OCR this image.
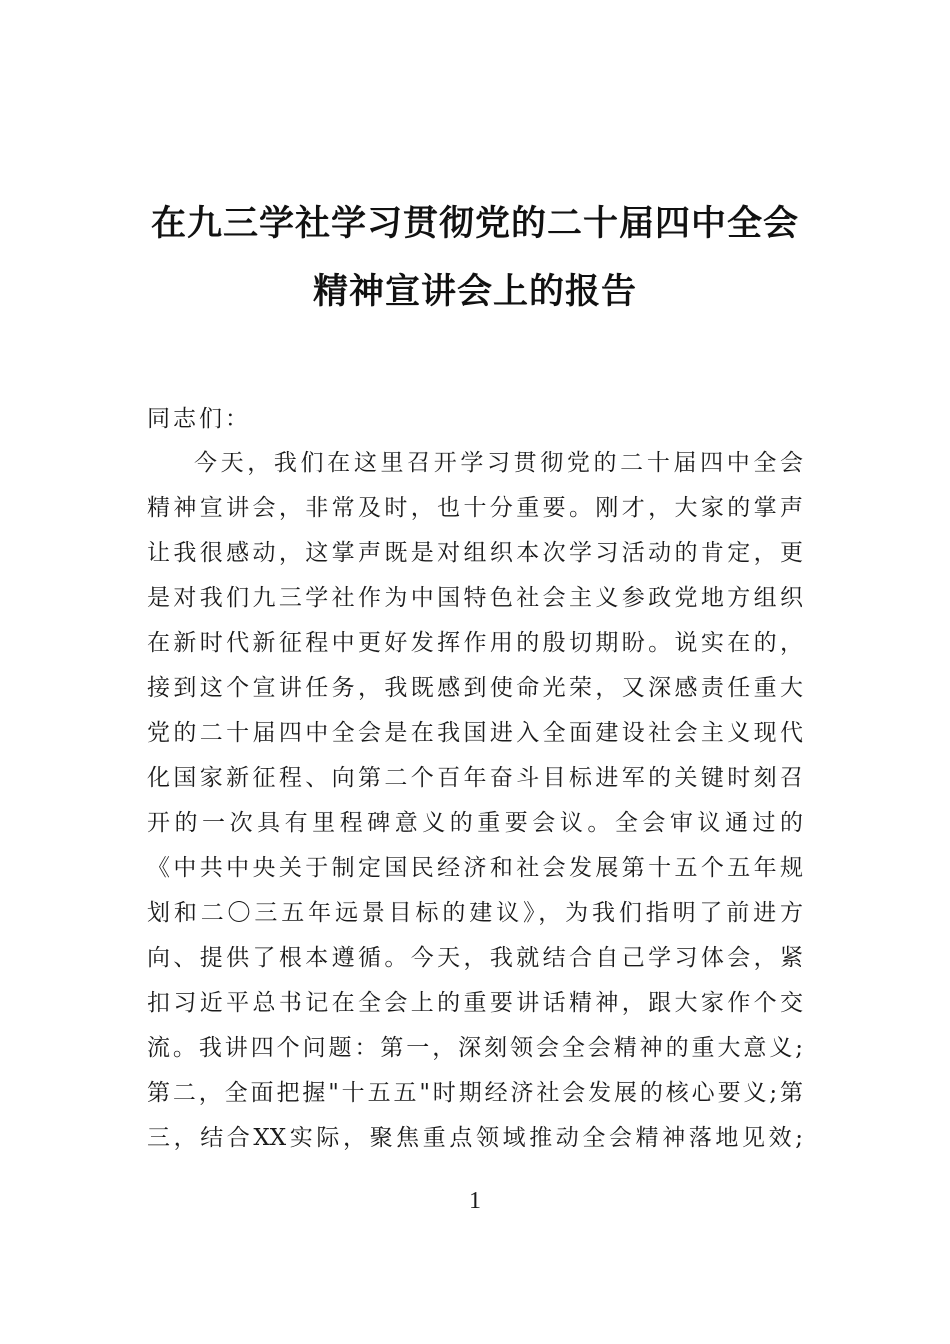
在九三学社学习贯彻党的二十届四中全会
精神宣讲会上的报告
同志们：
今天，我们在这里召开学习贯彻党的二十届四中全会
精神宣讲会，非常及时，也十分重要。刚才，大家的掌声
让我很感动，这掌声既是对组织本次学习活动的肯定，更
是对我们九三学社作为中国特色社会主义参政党地方组织
在新时代新征程中更好发挥作用的殷切期盼。说实在的，
接到这个宣讲任务，我既感到使命光荣，又深感责任重大
党的二十届四中全会是在我国进入全面建设社会主义现代
化国家新征程、向第二个百年奋斗目标进军的关键时刻召
开的一次具有里程碑意义的重要会议。全会审议通过的
《中共中央关于制定国民经济和社会发展第十五个五年规
划和二〇三五年远景目标的建议》，为我们指明了前进方
向、提供了根本遵循。今天，我就结合自己学习体会，紧
扣习近平总书记在全会上的重要讲话精神，跟大家作个交
流。我讲四个问题：第一，深刻领会全会精神的重大意义;
第二，全面把握"十五五"时期经济社会发展的核心要义;第
三，结合XX实际，聚焦重点领域推动全会精神落地见效;
1
